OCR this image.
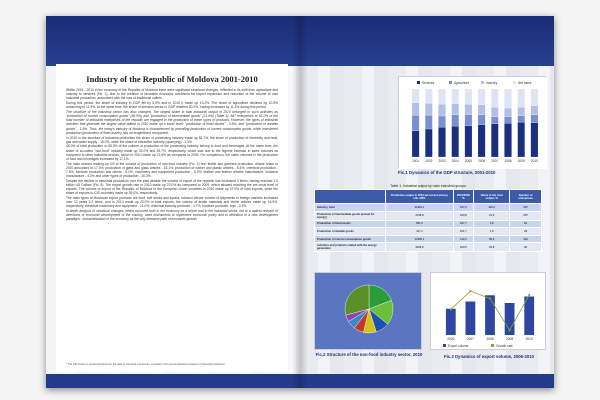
Industry of the Republic of Moldova 2001-2010

Within 2001 - 2010 in the economy of the Republic of Moldova there were significant structural changes, reflected in its shift from agriculture and industry to services (Fic. 1), due to the creation of favorable economic conditions for import expansion and reduction of the volume of own industrial production, associated with the loss of traditional outlets.

During this period, the share of industry in GDP fell by 5.5% and in 2010 it made up 13.2%. The share of agriculture declined by 10.5% amounting to 11.9%. At the same time, the share of services sector in GDP reached 50.2%, having increased by 11.4% during this period.

The structure of the industrial sector has also changed. The largest share in total industrial output in 2010 belonged to such activities as "production of current consumption goods" (56.6%) and "production of intermediate goods" (21.9%) (Table 1). 567 enterprises or 81.0% of the total number of industrial enterprises of the republic are engaged in the production of these types of products. However, the types of industrial activities that generate the largest value added in 2010 made up a lower level: "production of fixed assets" - 3.8%, and "production of durable goods" - 1.9%. Thus, the today's industry of Moldova is characterized by prevailing production of current consumption goods, while investment production (production of fixed assets) has an insignificant component.

In 2010 in the structure of industrial production the share of processing industry made up 82.7%, the share of production of electricity and heat, gas and water supply - 15.0%, while the share of extractive industry (quarrying) - 1.3%.

45.0% of total production or 55.0% of the volume of production of the processing industry belong to food and beverages. At the same time, the share of so-called "non-food" industry made up 32.0% and 39.7%, respectively, which was due to the highest increase in sales volumes as compared to other industrial sectors, which in 2010 made up 21.6% as compared to 2009. For comparison, the sales volumes in the production of food and beverages increased by 17.1%.

The main sectors making up 2/3 of the volume of production of non-food industry (Fic. 2) are: textile and garment production, whose share in 2010 amounted to 17.3%; production of glass and glass articles - 15.1%; production of rubber and plastic articles - 8.4%; chemical production - 7.8%; furniture production and others - 6.1%; machinery and equipment production - 5.2%; leather and leather articles manufacture, footwear manufacture - 4.2% and other types of production - 26.3%.

Despite the decline in industrial production over the past decade the volume of export of the republic has increased 3 times, having reached 1.6 billion US Dollars (Fic. 3). The export growth rate in 2010 made up 23.0% as compared to 2009, which allowed reaching the pre-crisis level of exports. The volume of export of the Republic of Moldova to the European Union countries in 2010 made up 47.0% of total exports, while the share of exports to CIS countries made up 39.0%, respectively.

The main types of Moldovan export products are food, soft drinks and liqueur, tobacco whose volume of shipments to foreign markets increased over 10 years 2.2 times, and in 2010 made up 20.0% in total exports; the volume of textile materials and textile articles made up 16.9%, respectively; electrical machinery and equipment - 11.0%; chemical industry products - 4.7%, furniture products, toys - 3.3%.

In-depth analysis of structural changes, which occurred both in the economy as a whole and in the industrial sector, led to a radical revision of directions of economic development of the country, used instruments to implement economic policy and to definition of a new development paradigm - industrialization of the economy as the only intensive path of economic growth.

* The information is presented based on the data of industrial enterprises, included in the annual statistical analysis of industrial production.
Services	Agriculture	Industry	Net taxes
2001 2002 2003 2004 2005 2006 2007 2008 2009 2010
Fic.1 Dynamics of the GDP structure, 2001-2010
Table 1. Industrial output by main industrial groups
	Production output in 2010 (at current prices), mln. MDL	2010/2009 %	Share in the total output, %	Number of enterprises
Industry, total	21664,1	107,0	100,0	697
Production of intermediate goods (except for energy)	4746,8	103,8	21,9	257
Production of fixed assets	831,6	107,7	3,8	81
Production of durable goods	417,1	101,7	1,9	29
Production of current consumption goods	12265,1	110,0	56,6	310
Activities and products related with the energy generation	3426,9	100,5	15,8	20
Fic.2 Structure of the non-food industry sector, 2010
2006	2007	2008	2009	2010
Export volume	Growth rate
Fic.3 Dynamics of export volume, 2006-2010
